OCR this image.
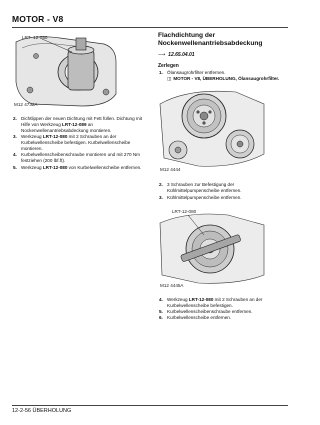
MOTOR - V8
LRT- 12-080
M12 4732A
2. Dichtlippen der neuen Dichtung mit Fett füllen. Dichtung mit Hilfe von Werkzeug LRT-12-089 an Nockenwellenantriebsabdeckung montieren.
3. Werkzeug LRT-12-080 mit 2 Schrauben an der Kurbelwellenscheibe befestigen. Kurbelwellenscheibe montieren.
4. Kurbelwellenscheibenschraube montieren und mit 270 Nm festziehen (200 lbf.ft).
5. Werkzeug LRT-12-080 von Kurbelwellenscheibe entfernen.

Flachdichtung der
Nockenwellenantriebsabdeckung

⟶ 12.65.04.01
Zerlegen
1. Ölansaugrohrfilter entfernen.
◫ MOTOR - V8, ÜBERHOLUNG, Ölansaugrohrfilter.
M12 4444
2. 3 Schrauben zur Befestigung der Kühlmittelpumpenscheibe entfernen.
3. Kühlmittelpumpenscheibe entfernen.
LRT-12-080
M12 4445A
4. Werkzeug LRT-12-080 mit 2 Schrauben an der Kurbelwellenscheibe befestigen.
5. Kurbelwellenscheibenschraube entfernen.
6. Kurbelwellenscheibe entfernen.
12-2-56 ÜBERHOLUNG
